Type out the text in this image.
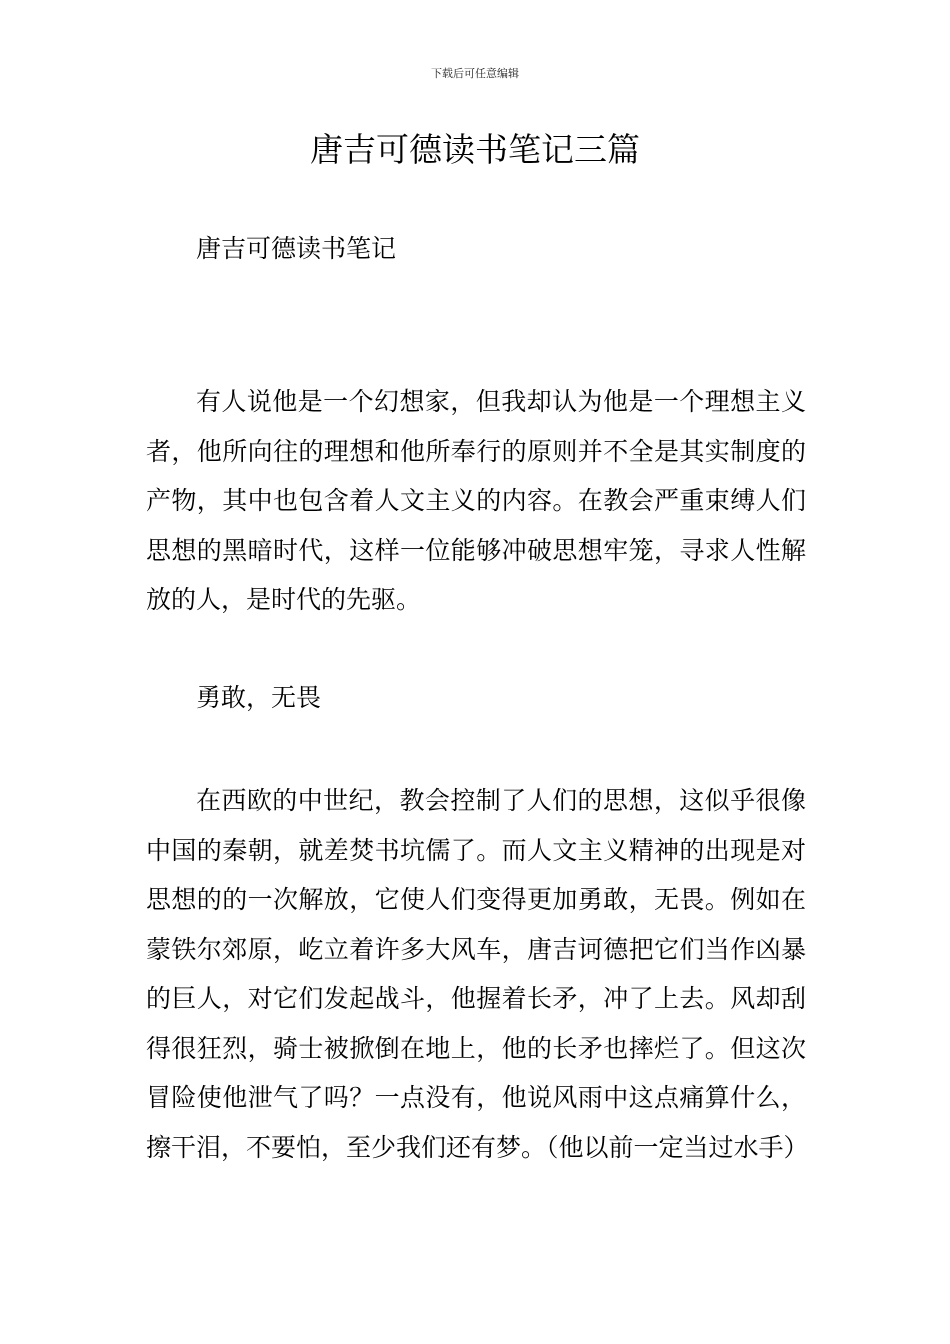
下载后可任意编辑
唐吉可德读书笔记三篇
唐吉可德读书笔记

有人说他是一个幻想家，但我却认为他是一个理想主义者，他所向往的理想和他所奉行的原则并不全是其实制度的产物，其中也包含着人文主义的内容。在教会严重束缚人们思想的黑暗时代，这样一位能够冲破思想牢笼，寻求人性解放的人，是时代的先驱。

勇敢，无畏

在西欧的中世纪，教会控制了人们的思想，这似乎很像中国的秦朝，就差焚书坑儒了。而人文主义精神的出现是对思想的的一次解放，它使人们变得更加勇敢，无畏。例如在蒙铁尔郊原，屹立着许多大风车，唐吉诃德把它们当作凶暴的巨人，对它们发起战斗，他握着长矛，冲了上去。风却刮得很狂烈，骑士被掀倒在地上，他的长矛也摔烂了。但这次冒险使他泄气了吗？一点没有，他说风雨中这点痛算什么，擦干泪，不要怕，至少我们还有梦。（他以前一定当过水手）
